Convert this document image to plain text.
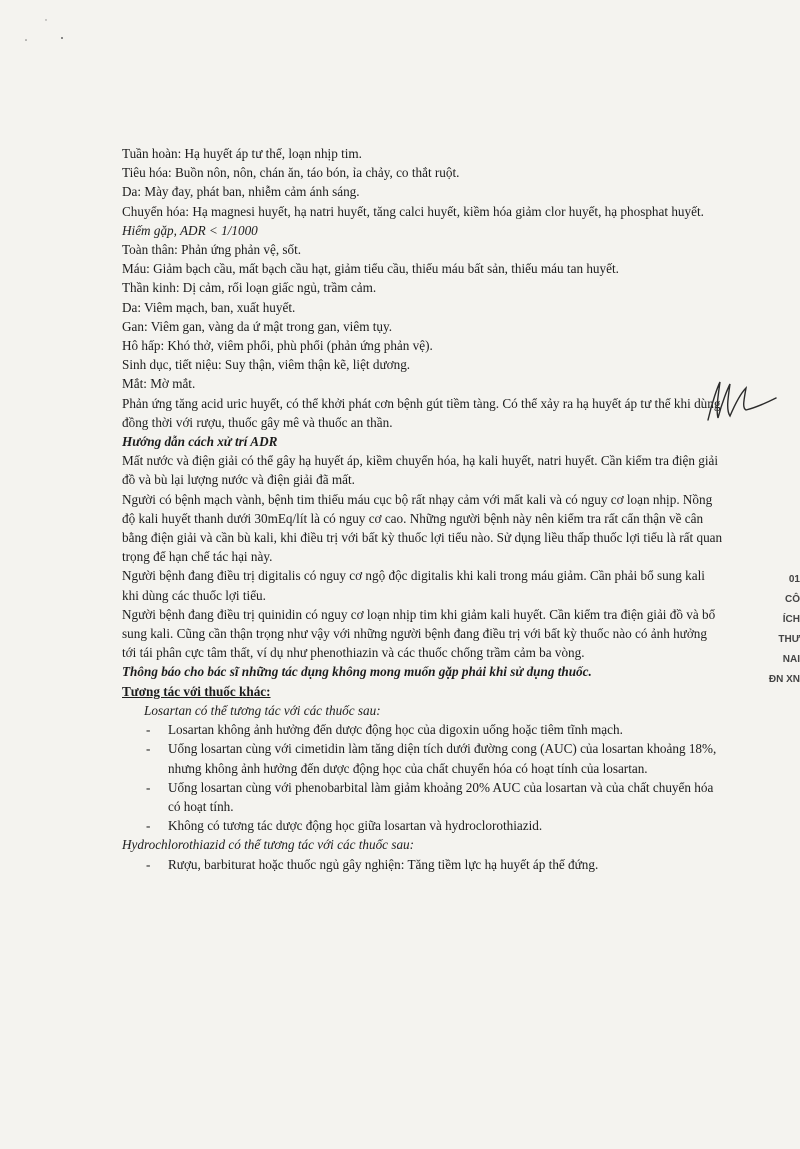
Tuần hoàn: Hạ huyết áp tư thế, loạn nhịp tim.
Tiêu hóa: Buồn nôn, nôn, chán ăn, táo bón, ỉa chảy, co thắt ruột.
Da: Mày đay, phát ban, nhiễm cảm ánh sáng.
Chuyển hóa: Hạ magnesi huyết, hạ natri huyết, tăng calci huyết, kiềm hóa giảm clor huyết, hạ phosphat huyết.
Hiếm gặp, ADR < 1/1000
Toàn thân: Phản ứng phản vệ, sốt.
Máu: Giảm bạch cầu, mất bạch cầu hạt, giảm tiểu cầu, thiếu máu bất sản, thiếu máu tan huyết.
Thần kinh: Dị cảm, rối loạn giấc ngủ, trầm cảm.
Da: Viêm mạch, ban, xuất huyết.
Gan: Viêm gan, vàng da ứ mật trong gan, viêm tụy.
Hô hấp: Khó thở, viêm phổi, phù phổi (phản ứng phản vệ).
Sinh dục, tiết niệu: Suy thận, viêm thận kẽ, liệt dương.
Mắt: Mờ mắt.
Phản ứng tăng acid uric huyết, có thể khởi phát cơn bệnh gút tiềm tàng. Có thể xảy ra hạ huyết áp tư thế khi dùng đồng thời với rượu, thuốc gây mê và thuốc an thần.
Hướng dẫn cách xử trí ADR
Mất nước và điện giải có thể gây hạ huyết áp, kiềm chuyển hóa, hạ kali huyết, natri huyết. Cần kiểm tra điện giải đồ và bù lại lượng nước và điện giải đã mất.
Người có bệnh mạch vành, bệnh tim thiếu máu cục bộ rất nhạy cảm với mất kali và có nguy cơ loạn nhịp. Nồng độ kali huyết thanh dưới 30mEq/lít là có nguy cơ cao. Những người bệnh này nên kiểm tra rất cẩn thận về cân bằng điện giải và cần bù kali, khi điều trị với bất kỳ thuốc lợi tiểu nào. Sử dụng liều thấp thuốc lợi tiểu là rất quan trọng để hạn chế tác hại này.
Người bệnh đang điều trị digitalis có nguy cơ ngộ độc digitalis khi kali trong máu giảm. Cần phải bổ sung kali khi dùng các thuốc lợi tiểu.
Người bệnh đang điều trị quinidin có nguy cơ loạn nhịp tim khi giảm kali huyết. Cần kiểm tra điện giải đồ và bổ sung kali. Cũng cần thận trọng như vậy với những người bệnh đang điều trị với bất kỳ thuốc nào có ảnh hưởng tới tái phân cực tâm thất, ví dụ như phenothiazin và các thuốc chống trầm cảm ba vòng.
Thông báo cho bác sĩ những tác dụng không mong muốn gặp phải khi sử dụng thuốc.
Tương tác với thuốc khác:
Losartan có thể tương tác với các thuốc sau:
- Losartan không ảnh hưởng đến dược động học của digoxin uống hoặc tiêm tĩnh mạch.
- Uống losartan cùng với cimetidin làm tăng diện tích dưới đường cong (AUC) của losartan khoảng 18%, nhưng không ảnh hưởng đến dược động học của chất chuyển hóa có hoạt tính của losartan.
- Uống losartan cùng với phenobarbital làm giảm khoảng 20% AUC của losartan và của chất chuyển hóa có hoạt tính.
- Không có tương tác dược động học giữa losartan và hydroclorothiazid.
Hydrochlorothiazid có thể tương tác với các thuốc sau:
- Rượu, barbiturat hoặc thuốc ngủ gây nghiện: Tăng tiềm lực hạ huyết áp thế đứng.
01
CÔ
ÍCH
THƯ
NAI
ĐN XN
